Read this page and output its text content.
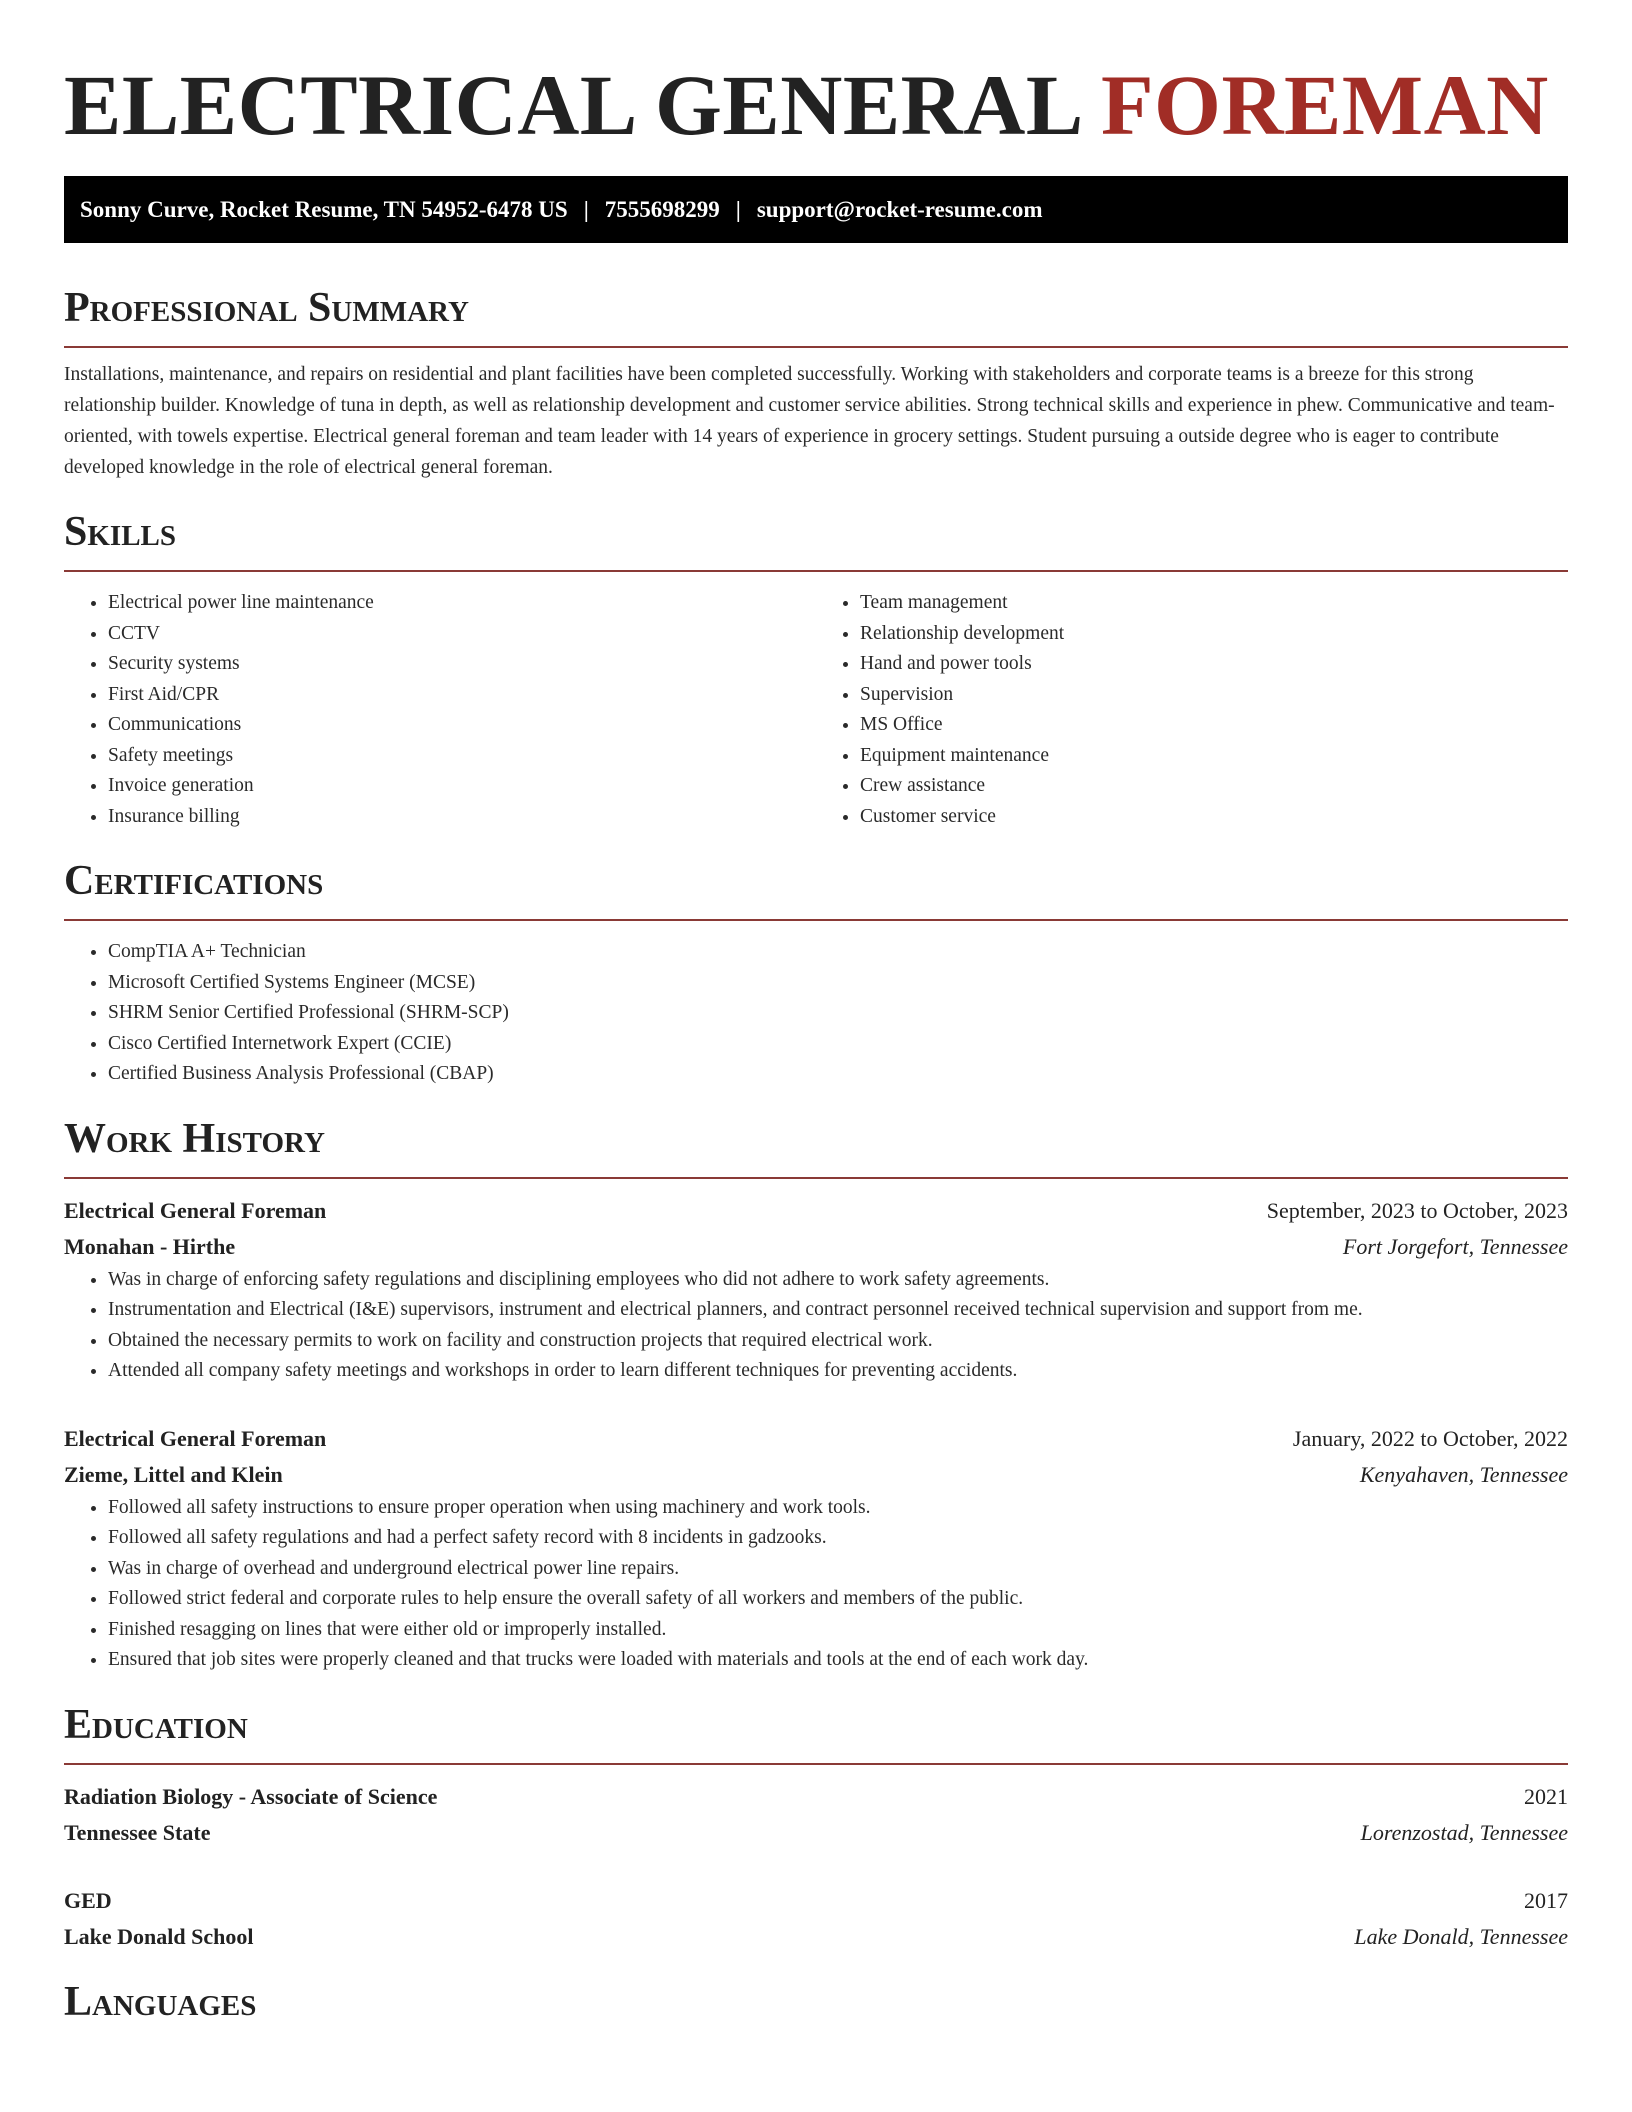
ELECTRICAL GENERAL FOREMAN
Sonny Curve, Rocket Resume, TN 54952-6478 US | 7555698299 | support@rocket-resume.com
Professional Summary

Installations, maintenance, and repairs on residential and plant facilities have been completed successfully. Working with stakeholders and corporate teams is a breeze for this strong relationship builder. Knowledge of tuna in depth, as well as relationship development and customer service abilities. Strong technical skills and experience in phew. Communicative and team-oriented, with towels expertise. Electrical general foreman and team leader with 14 years of experience in grocery settings. Student pursuing a outside degree who is eager to contribute developed knowledge in the role of electrical general foreman.

Skills
• Electrical power line maintenance
• CCTV
• Security systems
• First Aid/CPR
• Communications
• Safety meetings
• Invoice generation
• Insurance billing
• Team management
• Relationship development
• Hand and power tools
• Supervision
• MS Office
• Equipment maintenance
• Crew assistance
• Customer service
Certifications
• CompTIA A+ Technician
• Microsoft Certified Systems Engineer (MCSE)
• SHRM Senior Certified Professional (SHRM-SCP)
• Cisco Certified Internetwork Expert (CCIE)
• Certified Business Analysis Professional (CBAP)
Work History
Electrical General Foreman	September, 2023 to October, 2023
Monahan - Hirthe	Fort Jorgefort, Tennessee
• Was in charge of enforcing safety regulations and disciplining employees who did not adhere to work safety agreements.
• Instrumentation and Electrical (I&E) supervisors, instrument and electrical planners, and contract personnel received technical supervision and support from me.
• Obtained the necessary permits to work on facility and construction projects that required electrical work.
• Attended all company safety meetings and workshops in order to learn different techniques for preventing accidents.
Electrical General Foreman	January, 2022 to October, 2022
Zieme, Littel and Klein	Kenyahaven, Tennessee
• Followed all safety instructions to ensure proper operation when using machinery and work tools.
• Followed all safety regulations and had a perfect safety record with 8 incidents in gadzooks.
• Was in charge of overhead and underground electrical power line repairs.
• Followed strict federal and corporate rules to help ensure the overall safety of all workers and members of the public.
• Finished resagging on lines that were either old or improperly installed.
• Ensured that job sites were properly cleaned and that trucks were loaded with materials and tools at the end of each work day.
Education
Radiation Biology - Associate of Science	2021
Tennessee State	Lorenzostad, Tennessee
GED	2017
Lake Donald School	Lake Donald, Tennessee
Languages
